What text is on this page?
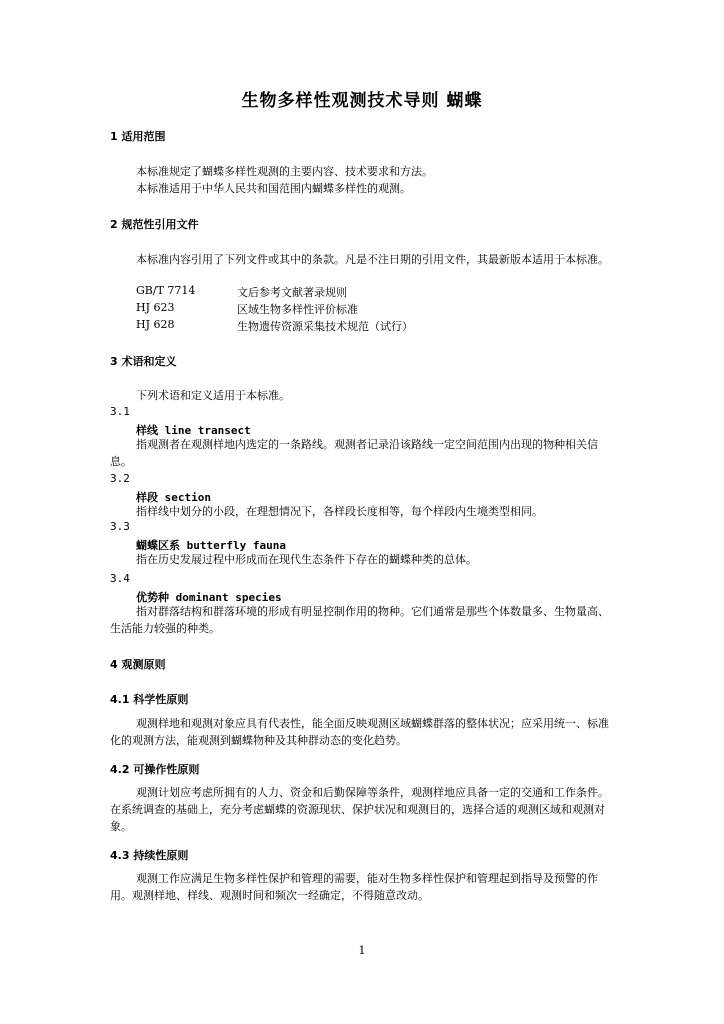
生物多样性观测技术导则 蝴蝶
1 适用范围
本标准规定了蝴蝶多样性观测的主要内容、技术要求和方法。
本标准适用于中华人民共和国范围内蝴蝶多样性的观测。
2 规范性引用文件
本标准内容引用了下列文件或其中的条款。凡是不注日期的引用文件，其最新版本适用于本标准。
GB/T 7714	文后参考文献著录规则
HJ 623	区域生物多样性评价标准
HJ 628	生物遗传资源采集技术规范（试行）
3 术语和定义
下列术语和定义适用于本标准。
3.1
样线 line transect
指观测者在观测样地内选定的一条路线。观测者记录沿该路线一定空间范围内出现的物种相关信息。
3.2
样段 section
指样线中划分的小段，在理想情况下，各样段长度相等，每个样段内生境类型相同。
3.3
蝴蝶区系 butterfly fauna
指在历史发展过程中形成而在现代生态条件下存在的蝴蝶种类的总体。
3.4
优势种 dominant species
指对群落结构和群落环境的形成有明显控制作用的物种。它们通常是那些个体数量多、生物量高、生活能力较强的种类。
4 观测原则
4.1 科学性原则
观测样地和观测对象应具有代表性，能全面反映观测区域蝴蝶群落的整体状况；应采用统一、标准化的观测方法，能观测到蝴蝶物种及其种群动态的变化趋势。
4.2 可操作性原则
观测计划应考虑所拥有的人力、资金和后勤保障等条件，观测样地应具备一定的交通和工作条件。在系统调查的基础上，充分考虑蝴蝶的资源现状、保护状况和观测目的，选择合适的观测区域和观测对象。
4.3 持续性原则
观测工作应满足生物多样性保护和管理的需要，能对生物多样性保护和管理起到指导及预警的作用。观测样地、样线、观测时间和频次一经确定，不得随意改动。
1
